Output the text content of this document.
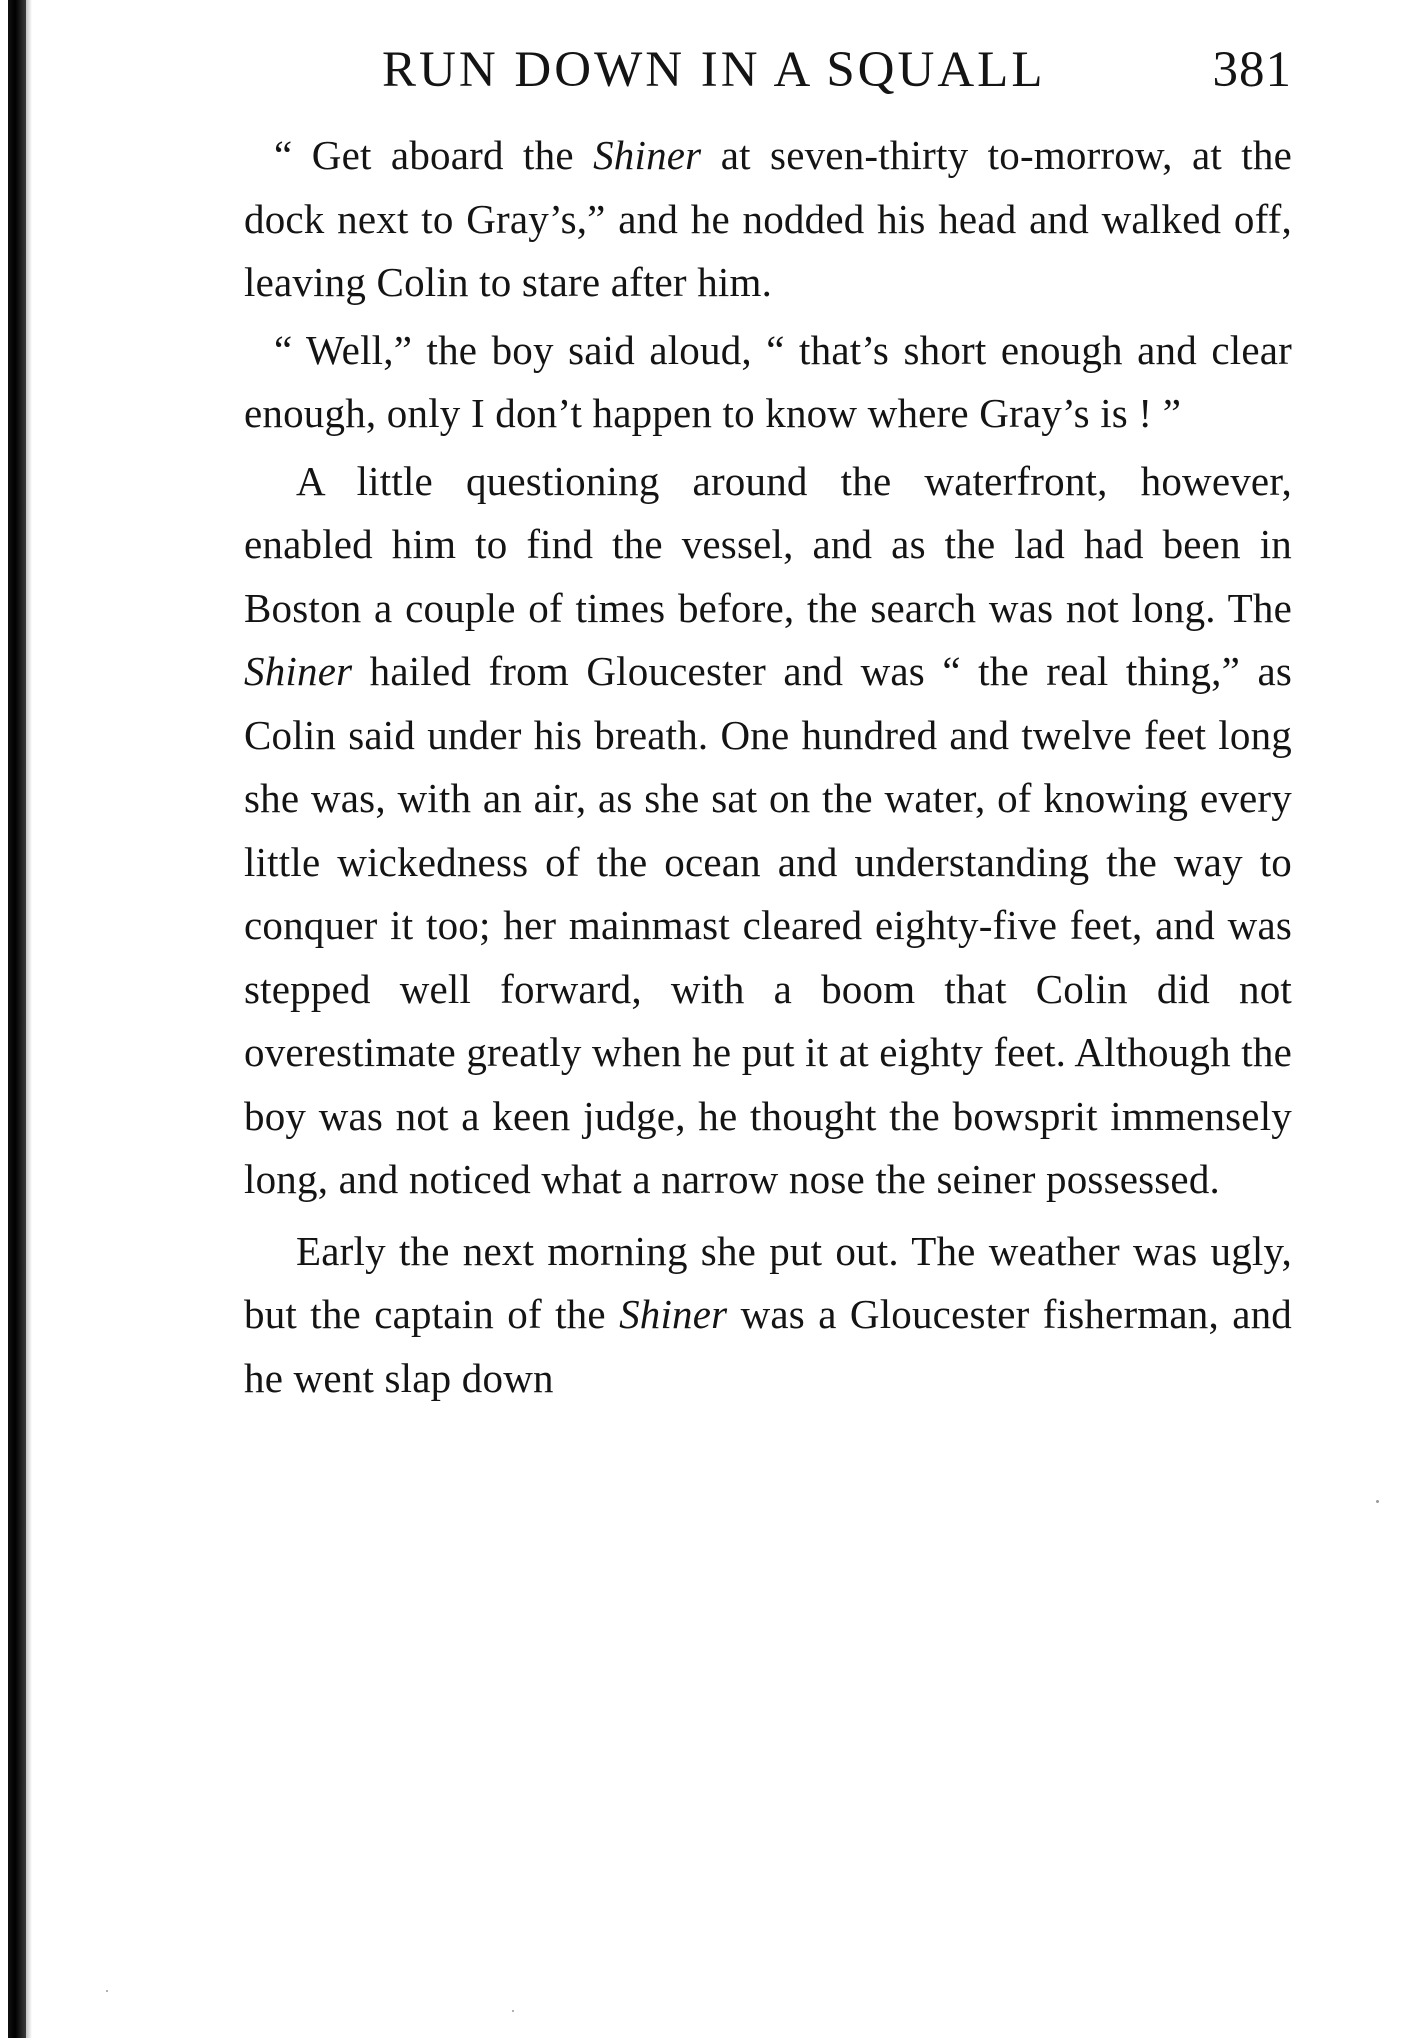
RUN DOWN IN A SQUALL	381

“ Get aboard the Shiner at seven-thirty to-morrow, at the dock next to Gray’s,” and he nodded his head and walked off, leaving Colin to stare after him.

“ Well,” the boy said aloud, “ that’s short enough and clear enough, only I don’t happen to know where Gray’s is ! ”

A little questioning around the waterfront, however, enabled him to find the vessel, and as the lad had been in Boston a couple of times before, the search was not long. The Shiner hailed from Gloucester and was “ the real thing,” as Colin said under his breath. One hundred and twelve feet long she was, with an air, as she sat on the water, of knowing every little wickedness of the ocean and understanding the way to conquer it too; her mainmast cleared eighty-five feet, and was stepped well forward, with a boom that Colin did not overestimate greatly when he put it at eighty feet. Although the boy was not a keen judge, he thought the bowsprit immensely long, and noticed what a narrow nose the seiner possessed.

Early the next morning she put out. The weather was ugly, but the captain of the Shiner was a Gloucester fisherman, and he went slap down
